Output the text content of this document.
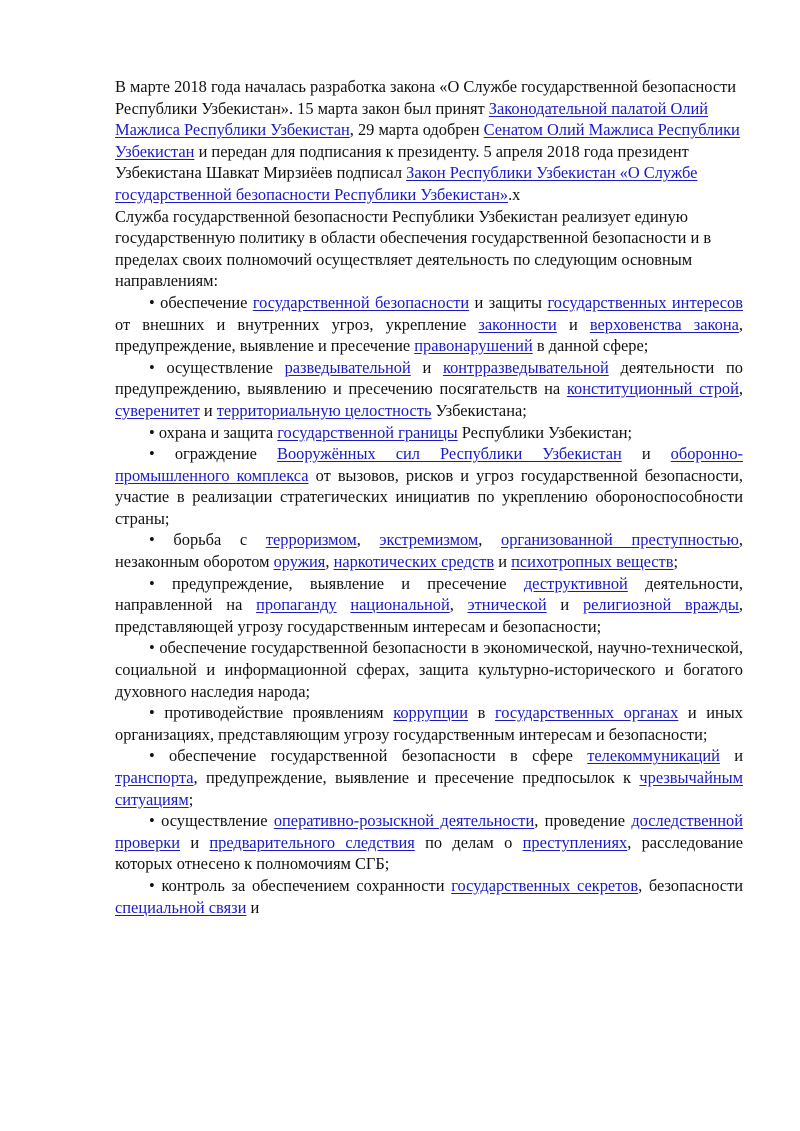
В марте 2018 года началась разработка закона «О Службе государственной безопасности Республики Узбекистан». 15 марта закон был принят Законодательной палатой Олий Мажлиса Республики Узбекистан, 29 марта одобрен Сенатом Олий Мажлиса Республики Узбекистан и передан для подписания к президенту. 5 апреля 2018 года президент Узбекистана Шавкат Мирзиёев подписал Закон Республики Узбекистан «О Службе государственной безопасности Республики Узбекистан».х

Служба государственной безопасности Республики Узбекистан реализует единую государственную политику в области обеспечения государственной безопасности и в пределах своих полномочий осуществляет деятельность по следующим основным направлениям:

• обеспечение государственной безопасности и защиты государственных интересов от внешних и внутренних угроз, укрепление законности и верховенства закона, предупреждение, выявление и пресечение правонарушений в данной сфере;

• осуществление разведывательной и контрразведывательной деятельности по предупреждению, выявлению и пресечению посягательств на конституционный строй, суверенитет и территориальную целостность Узбекистана;

• охрана и защита государственной границы Республики Узбекистан;

• ограждение Вооружённых сил Республики Узбекистан и оборонно-промышленного комплекса от вызовов, рисков и угроз государственной безопасности, участие в реализации стратегических инициатив по укреплению обороноспособности страны;

• борьба с терроризмом, экстремизмом, организованной преступностью, незаконным оборотом оружия, наркотических средств и психотропных веществ;

• предупреждение, выявление и пресечение деструктивной деятельности, направленной на пропаганду национальной, этнической и религиозной вражды, представляющей угрозу государственным интересам и безопасности;

• обеспечение государственной безопасности в экономической, научно-технической, социальной и информационной сферах, защита культурно-исторического и богатого духовного наследия народа;

• противодействие проявлениям коррупции в государственных органах и иных организациях, представляющим угрозу государственным интересам и безопасности;

• обеспечение государственной безопасности в сфере телекоммуникаций и транспорта, предупреждение, выявление и пресечение предпосылок к чрезвычайным ситуациям;

• осуществление оперативно-розыскной деятельности, проведение доследственной проверки и предварительного следствия по делам о преступлениях, расследование которых отнесено к полномочиям СГБ;

• контроль за обеспечением сохранности государственных секретов, безопасности специальной связи и
